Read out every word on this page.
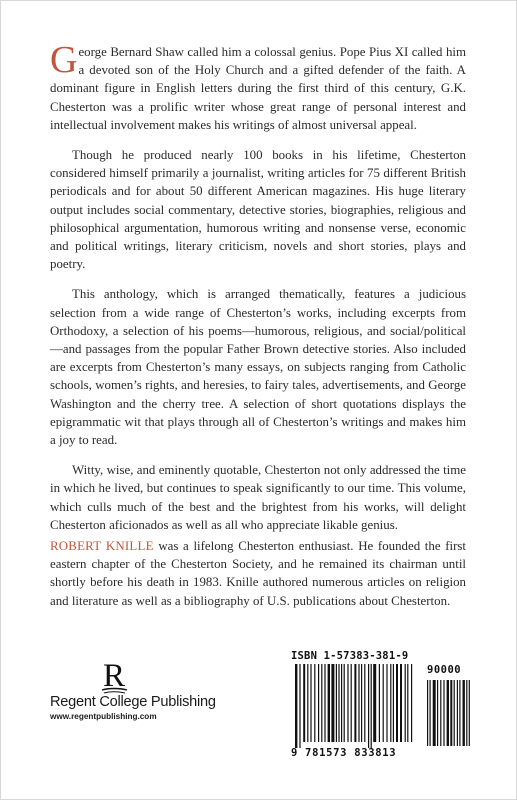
George Bernard Shaw called him a colossal genius. Pope Pius XI called him a devoted son of the Holy Church and a gifted defender of the faith. A dominant figure in English letters during the first third of this century, G.K. Chesterton was a prolific writer whose great range of personal interest and intellectual involvement makes his writings of almost universal appeal.

Though he produced nearly 100 books in his lifetime, Chesterton considered himself primarily a journalist, writing articles for 75 different British periodicals and for about 50 different American magazines. His huge literary output includes social commentary, detective stories, biographies, religious and philosophical argumentation, humorous writing and nonsense verse, economic and political writings, literary criticism, novels and short stories, plays and poetry.

This anthology, which is arranged thematically, features a judicious selection from a wide range of Chesterton’s works, including excerpts from Orthodoxy, a selection of his poems—humorous, religious, and social/political—and passages from the popular Father Brown detective stories. Also included are excerpts from Chesterton’s many essays, on subjects ranging from Catholic schools, women’s rights, and heresies, to fairy tales, advertisements, and George Washington and the cherry tree. A selection of short quotations displays the epigrammatic wit that plays through all of Chesterton’s writings and makes him a joy to read.

Witty, wise, and eminently quotable, Chesterton not only addressed the time in which he lived, but continues to speak significantly to our time. This volume, which culls much of the best and the brightest from his works, will delight Chesterton aficionados as well as all who appreciate likable genius.

ROBERT KNILLE was a lifelong Chesterton enthusiast. He founded the first eastern chapter of the Chesterton Society, and he remained its chairman until shortly before his death in 1983. Knille authored numerous articles on religion and literature as well as a bibliography of U.S. publications about Chesterton.
R
Regent College Publishing
www.regentpublishing.com
ISBN 1-57383-381-9
90000
9 781573 833813
